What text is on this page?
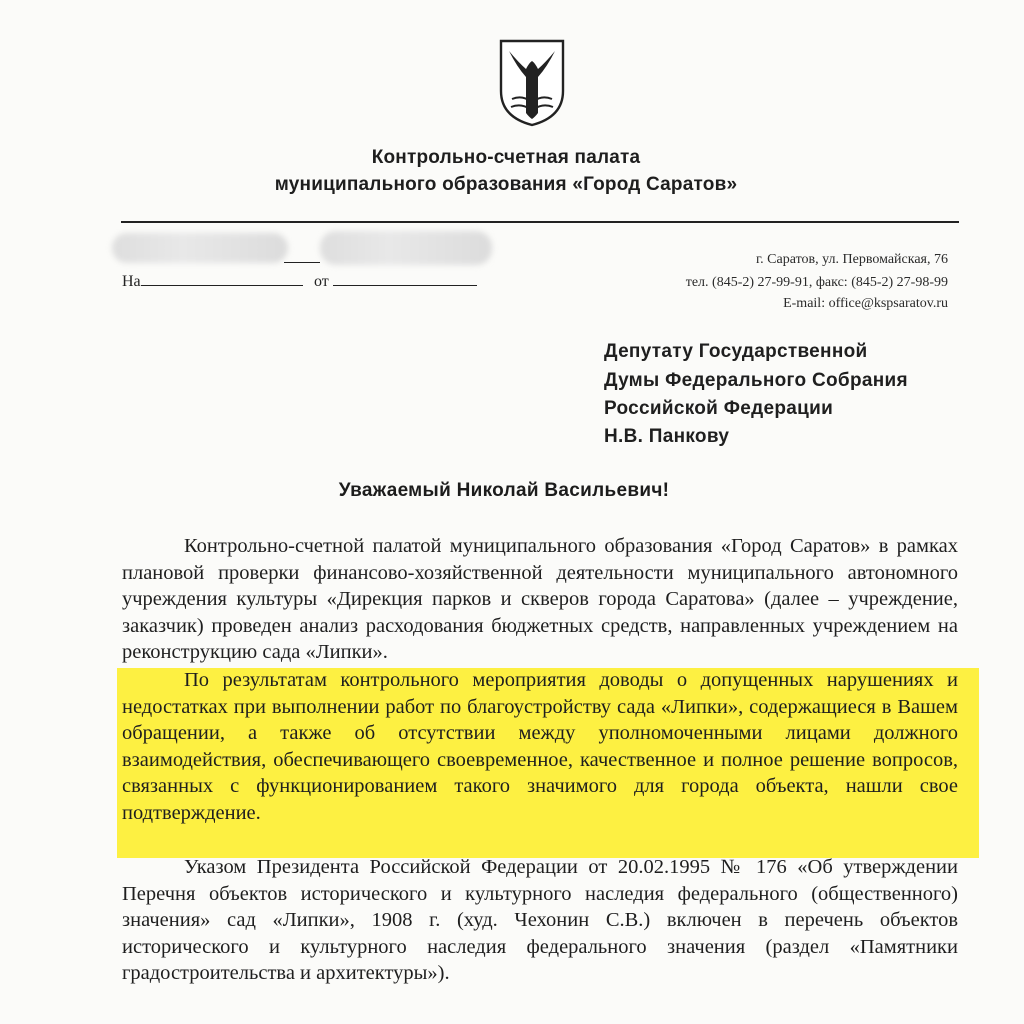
Контрольно-счетная палата
муниципального образования «Город Саратов»
На	от
г. Саратов, ул. Первомайская, 76
тел. (845-2) 27-99-91, факс: (845-2) 27-98-99
E-mail: office@kspsaratov.ru
Депутату Государственной
Думы Федерального Собрания
Российской Федерации
Н.В. Панкову
Уважаемый Николай Васильевич!
Контрольно-счетной палатой муниципального образования «Город Саратов» в рамках плановой проверки финансово-хозяйственной деятельности муниципального автономного учреждения культуры «Дирекция парков и скверов города Саратова» (далее – учреждение, заказчик) проведен анализ расходования бюджетных средств, направленных учреждением на реконструкцию сада «Липки».
По результатам контрольного мероприятия доводы о допущенных нарушениях и недостатках при выполнении работ по благоустройству сада «Липки», содержащиеся в Вашем обращении, а также об отсутствии между уполномоченными лицами должного взаимодействия, обеспечивающего своевременное, качественное и полное решение вопросов, связанных с функционированием такого значимого для города объекта, нашли свое подтверждение.
Указом Президента Российской Федерации от 20.02.1995 № 176 «Об утверждении Перечня объектов исторического и культурного наследия федерального (общественного) значения» сад «Липки», 1908 г. (худ. Чехонин С.В.) включен в перечень объектов исторического и культурного наследия федерального значения (раздел «Памятники градостроительства и архитектуры»).
